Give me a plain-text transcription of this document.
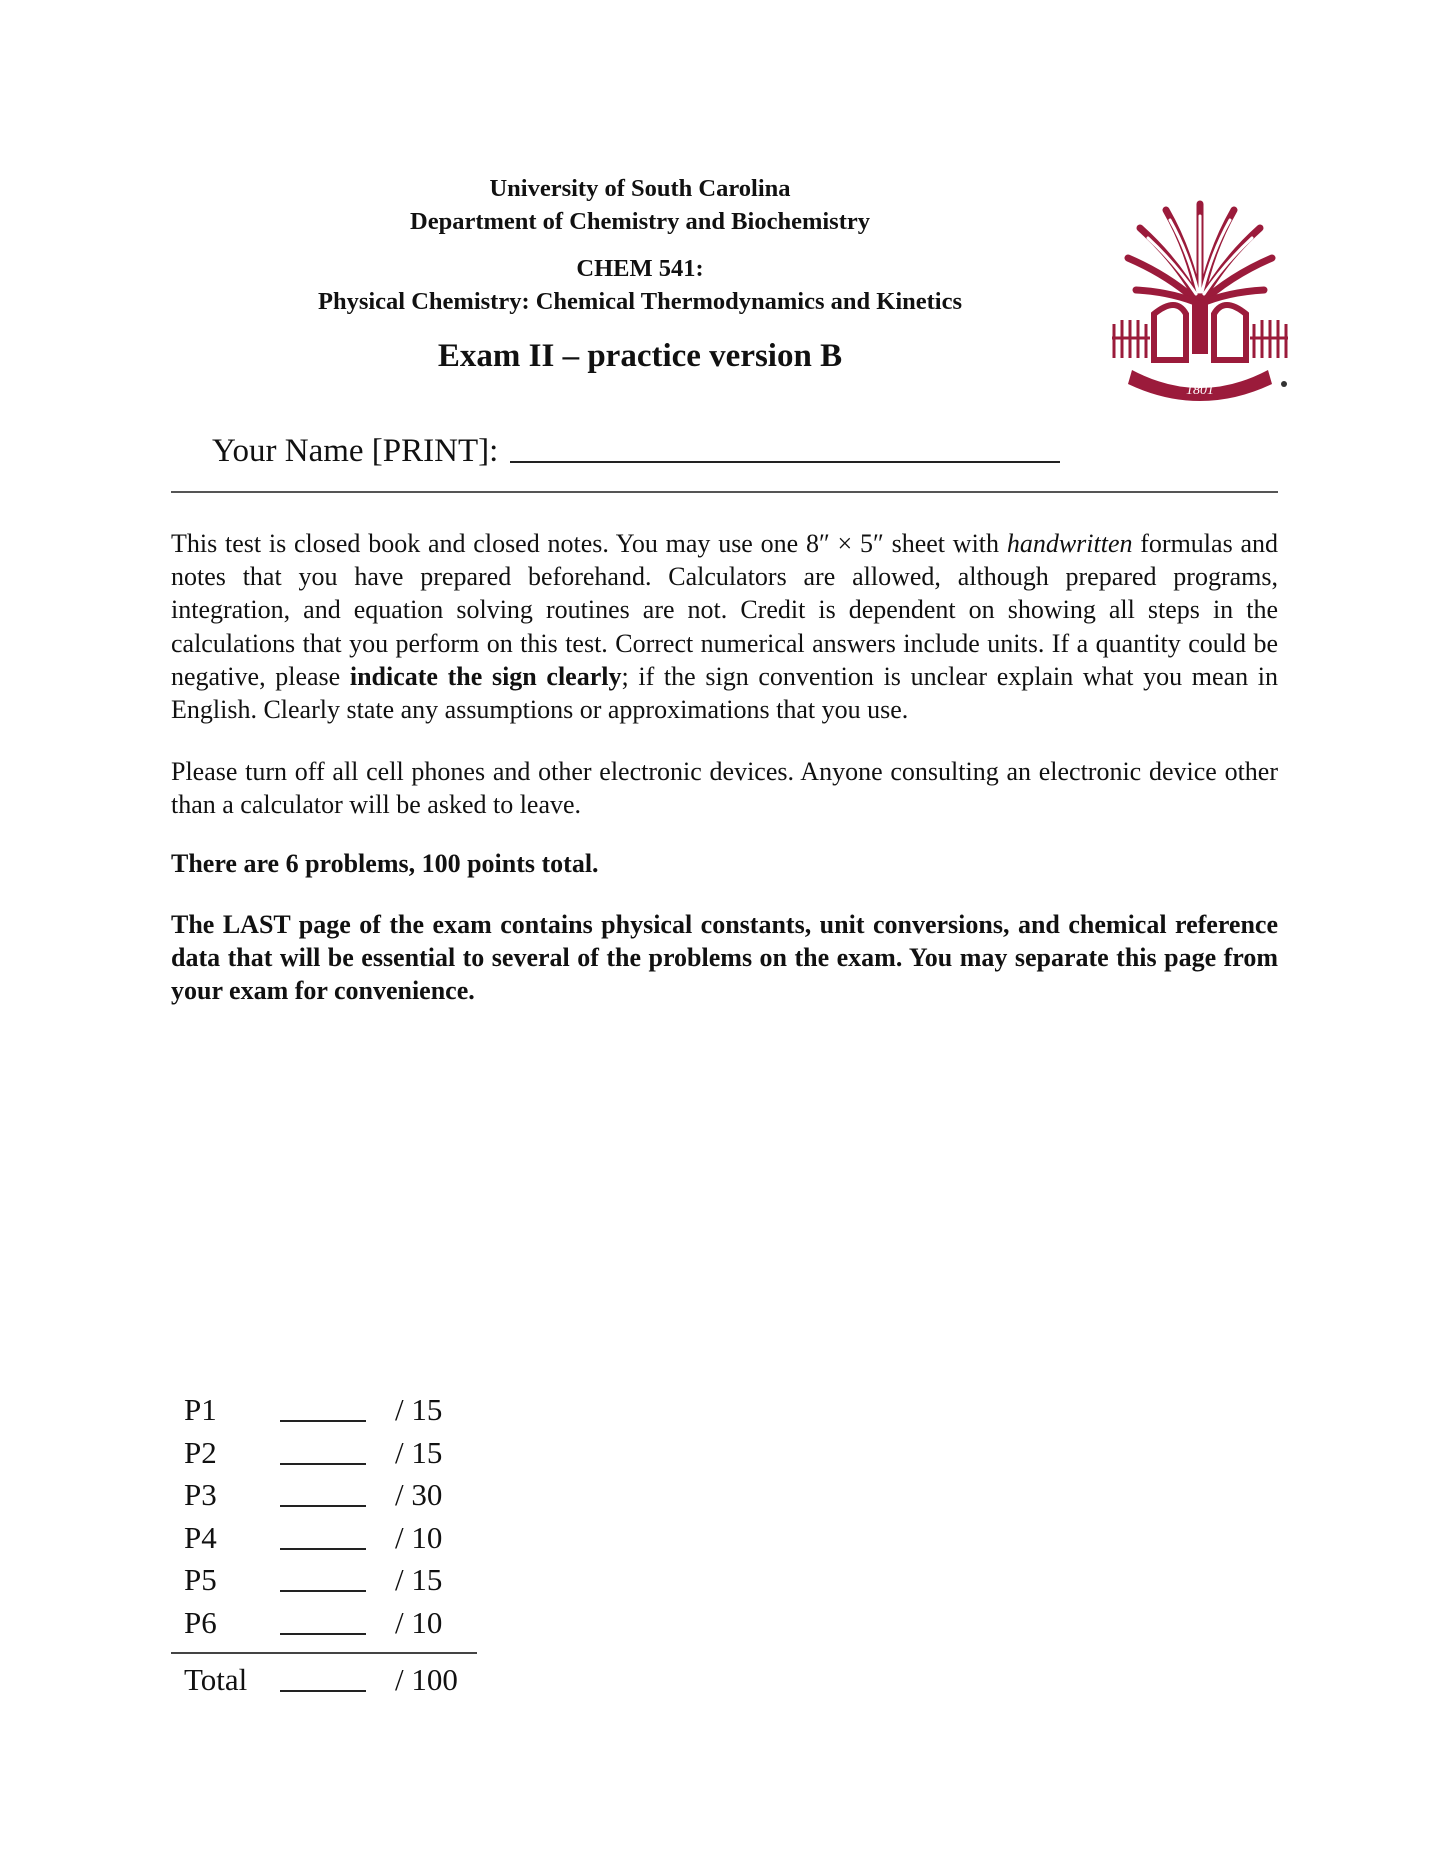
University of South Carolina
Department of Chemistry and Biochemistry
CHEM 541:
Physical Chemistry: Chemical Thermodynamics and Kinetics
Exam II – practice version B
1801
Your Name [PRINT]:
This test is closed book and closed notes. You may use one 8″ × 5″ sheet with handwritten formulas and notes that you have prepared beforehand. Calculators are allowed, although prepared programs, integration, and equation solving routines are not. Credit is dependent on showing all steps in the calculations that you perform on this test. Correct numerical answers include units. If a quantity could be negative, please indicate the sign clearly; if the sign convention is unclear explain what you mean in English. Clearly state any assumptions or approximations that you use.
Please turn off all cell phones and other electronic devices. Anyone consulting an electronic device other than a calculator will be asked to leave.
There are 6 problems, 100 points total.
The LAST page of the exam contains physical constants, unit conversions, and chemical reference data that will be essential to several of the problems on the exam. You may separate this page from your exam for convenience.
P1	/ 15
P2	/ 15
P3	/ 30
P4	/ 10
P5	/ 15
P6	/ 10
Total	/ 100
